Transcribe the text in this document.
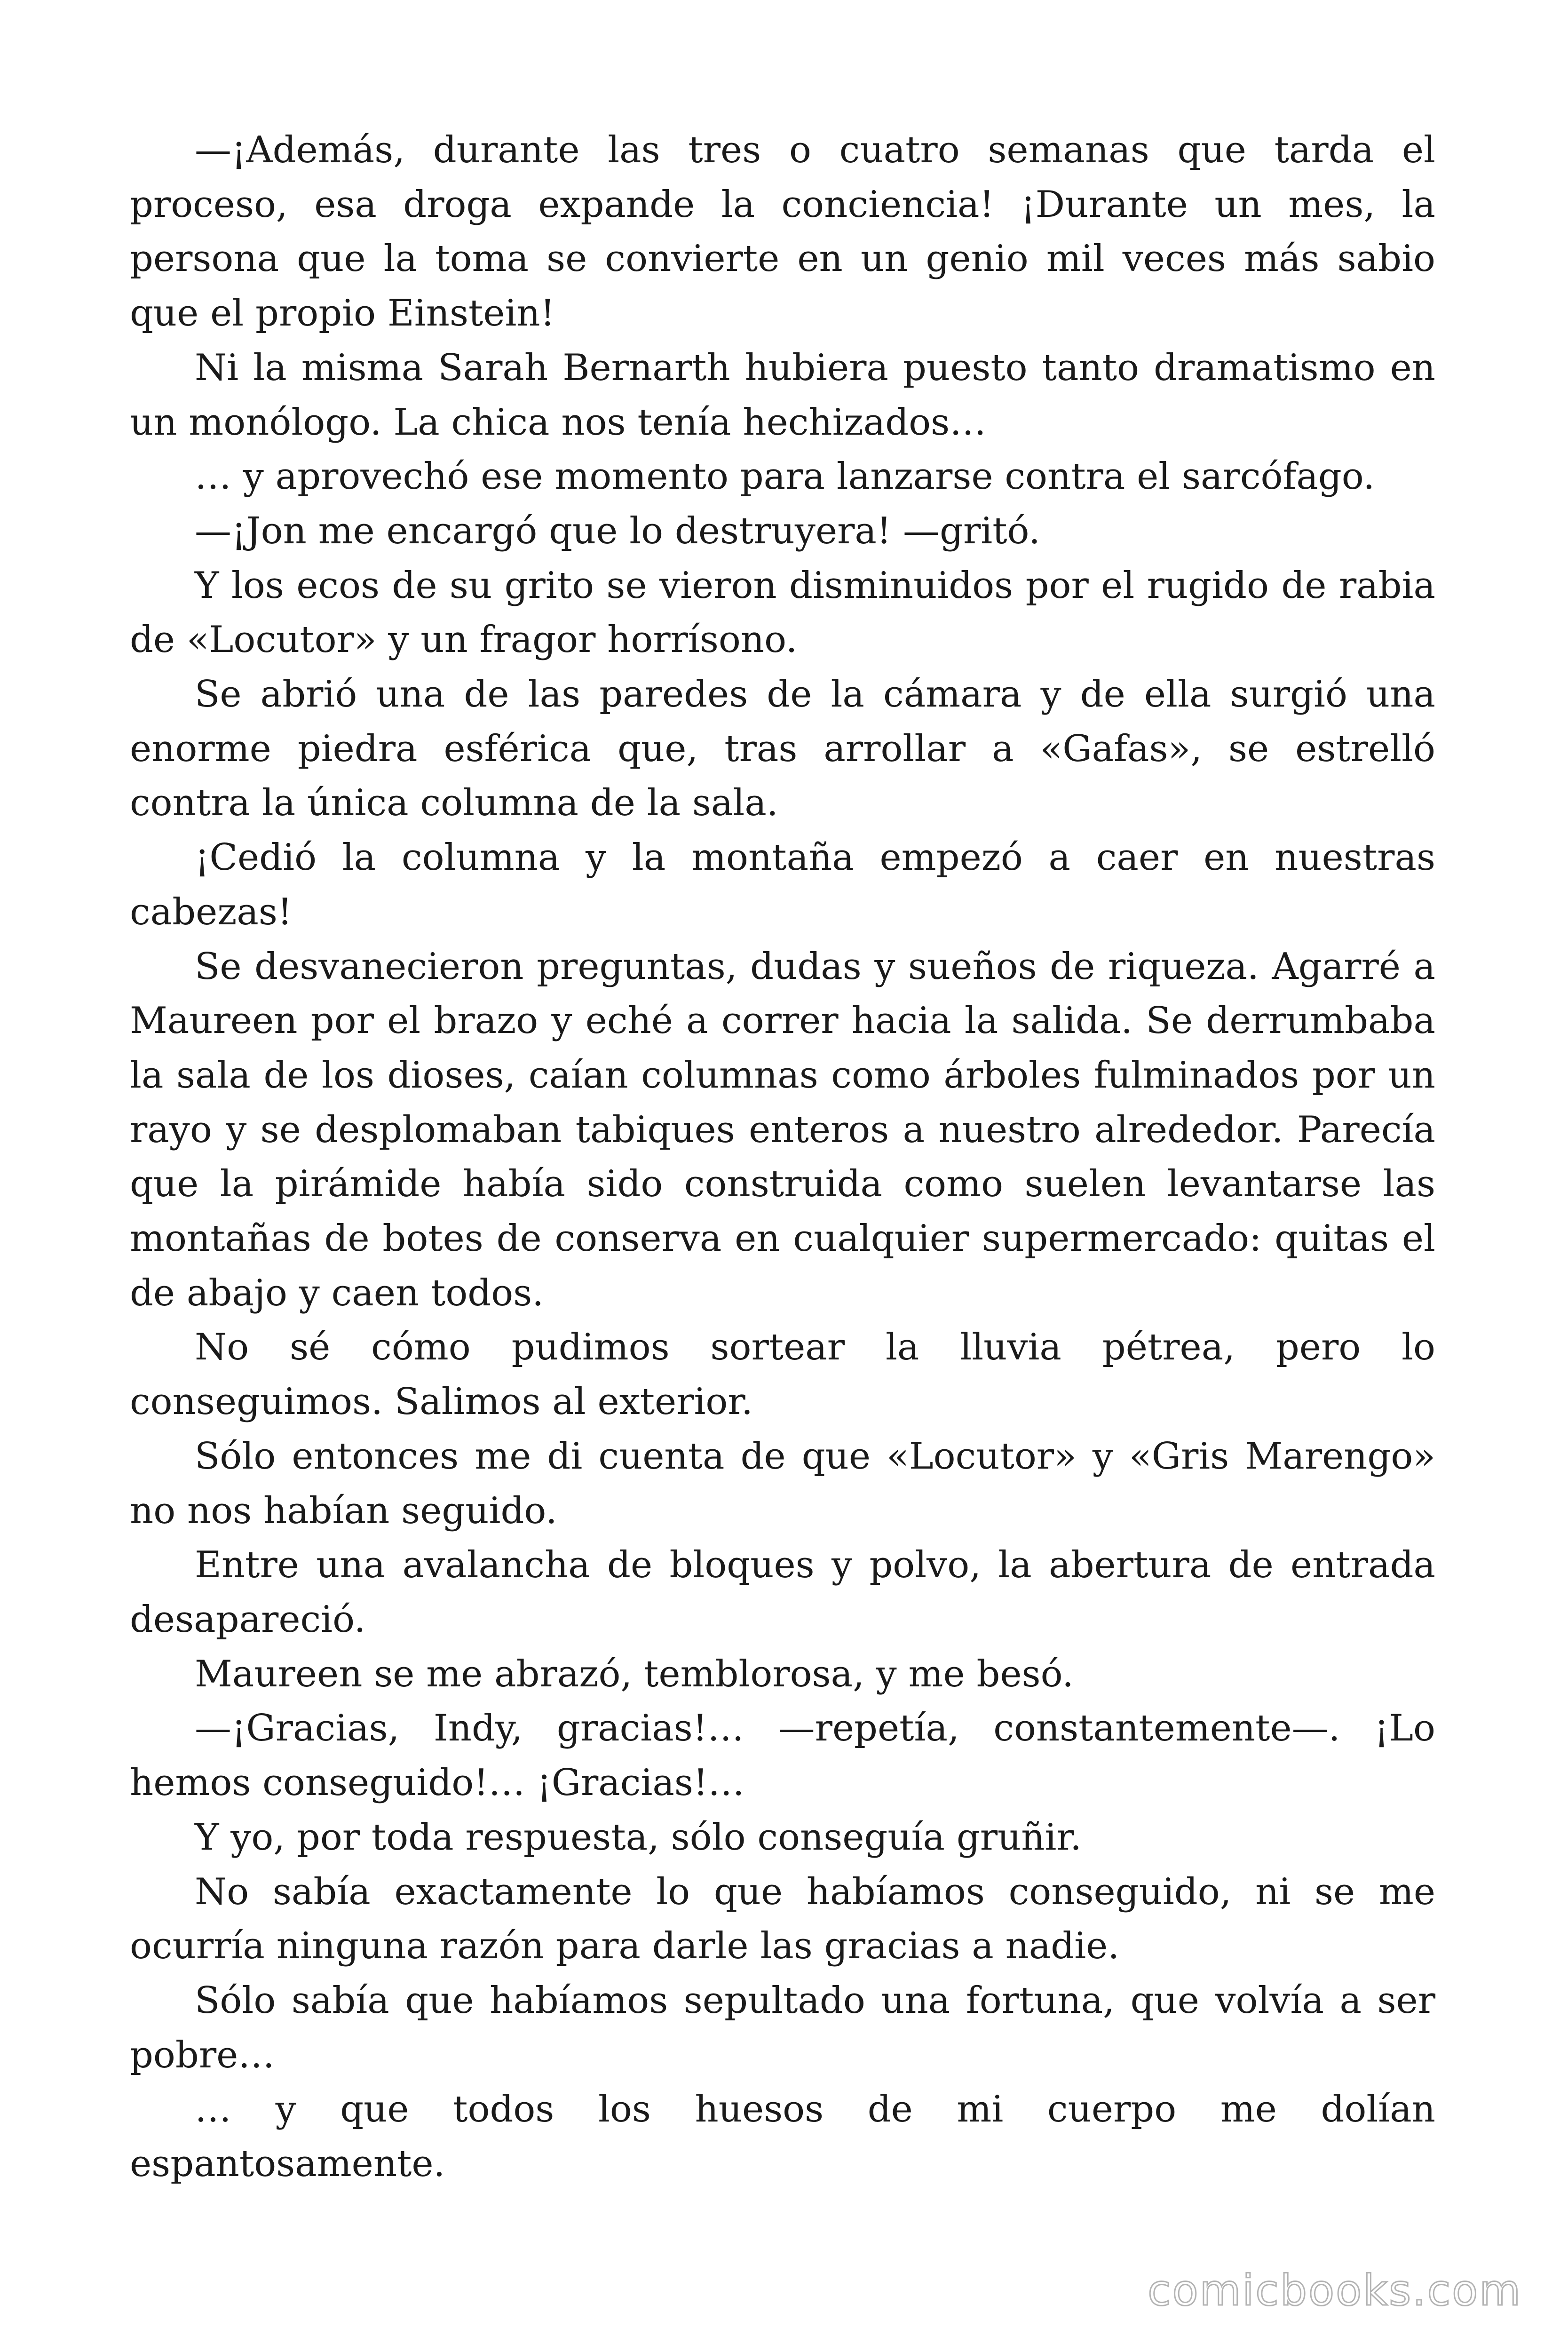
—¡Además, durante las tres o cuatro semanas que tarda el proceso, esa droga expande la conciencia! ¡Durante un mes, la persona que la toma se convierte en un genio mil veces más sabio que el propio Einstein!

Ni la misma Sarah Bernarth hubiera puesto tanto dramatismo en un monólogo. La chica nos tenía hechizados…

… y aprovechó ese momento para lanzarse contra el sarcófago.

—¡Jon me encargó que lo destruyera! —gritó.

Y los ecos de su grito se vieron disminuidos por el rugido de rabia de «Locutor» y un fragor horrísono.

Se abrió una de las paredes de la cámara y de ella surgió una enorme piedra esférica que, tras arrollar a «Gafas», se estrelló contra la única columna de la sala.

¡Cedió la columna y la montaña empezó a caer en nuestras cabezas!

Se desvanecieron preguntas, dudas y sueños de riqueza. Agarré a Maureen por el brazo y eché a correr hacia la salida. Se derrumbaba la sala de los dioses, caían columnas como árboles fulminados por un rayo y se desplomaban tabiques enteros a nuestro alrededor. Parecía que la pirámide había sido construida como suelen levantarse las montañas de botes de conserva en cualquier supermercado: quitas el de abajo y caen todos.

No sé cómo pudimos sortear la lluvia pétrea, pero lo conseguimos. Salimos al exterior.

Sólo entonces me di cuenta de que «Locutor» y «Gris Marengo» no nos habían seguido.

Entre una avalancha de bloques y polvo, la abertura de entrada desapareció.

Maureen se me abrazó, temblorosa, y me besó.

—¡Gracias, Indy, gracias!… —repetía, constantemente—. ¡Lo hemos conseguido!… ¡Gracias!…

Y yo, por toda respuesta, sólo conseguía gruñir.

No sabía exactamente lo que habíamos conseguido, ni se me ocurría ninguna razón para darle las gracias a nadie.

Sólo sabía que habíamos sepultado una fortuna, que volvía a ser pobre…

… y que todos los huesos de mi cuerpo me dolían espantosamente.

comicbooks.com
